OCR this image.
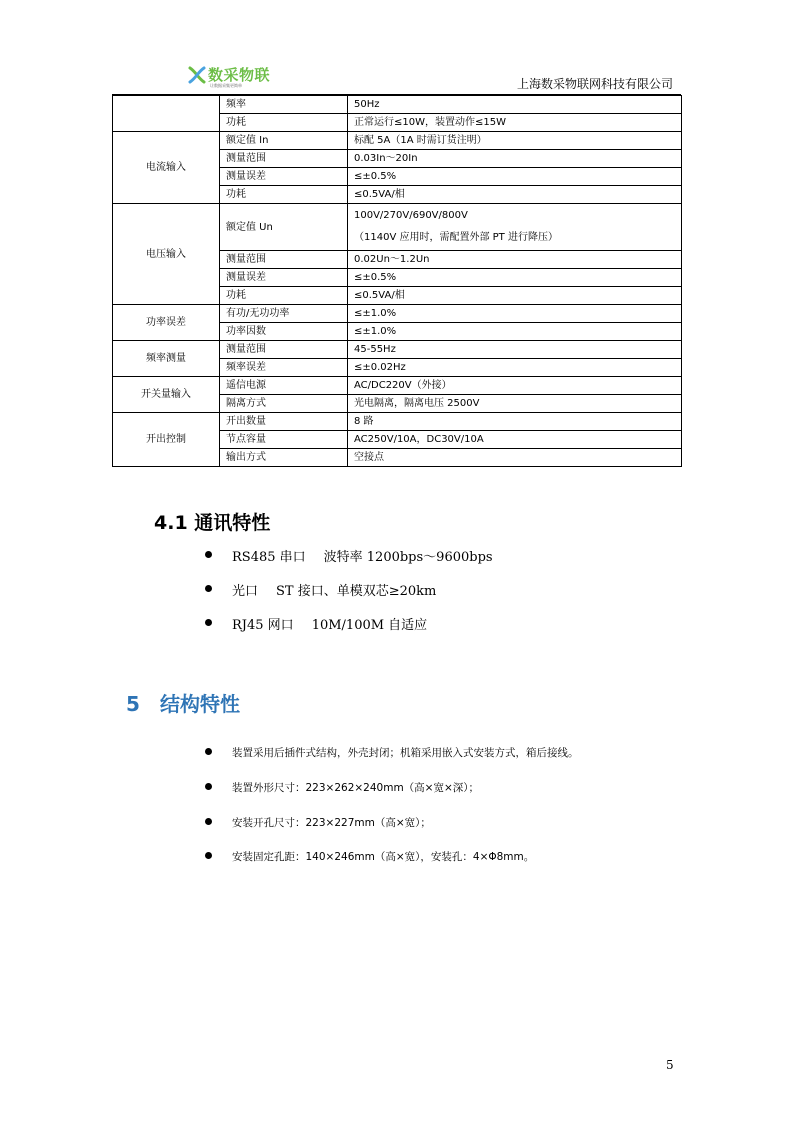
数采物联
让数据采集更简单	上海数采物联网科技有限公司
	频率	50Hz
	功耗	正常运行≤10W，装置动作≤15W
电流输入	额定值 In	标配 5A（1A 时需订货注明）
	测量范围	0.03In～20In
	测量误差	≤±0.5%
	功耗	≤0.5VA/相
电压输入	额定值 Un	100V/270V/690V/800V
（1140V 应用时，需配置外部 PT 进行降压）

	测量范围	0.02Un～1.2Un
	测量误差	≤±0.5%
	功耗	≤0.5VA/相
功率误差	有功/无功功率	≤±1.0%
	功率因数	≤±1.0%
频率测量	测量范围	45-55Hz
	频率误差	≤±0.02Hz
开关量输入	遥信电源	AC/DC220V（外接）
	隔离方式	光电隔离，隔离电压 2500V
开出控制	开出数量	8 路
	节点容量	AC250V/10A，DC30V/10A
	输出方式	空接点
4.1 通讯特性
RS485 串口 波特率 1200bps～9600bps
光口 ST 接口、单模双芯≥20km
RJ45 网口 10M/100M 自适应
5 结构特性
装置采用后插件式结构，外壳封闭；机箱采用嵌入式安装方式，箱后接线。
装置外形尺寸：223×262×240mm（高×宽×深）；
安装开孔尺寸：223×227mm（高×宽）；
安装固定孔距：140×246mm（高×宽），安装孔：4×Φ8mm。
5
